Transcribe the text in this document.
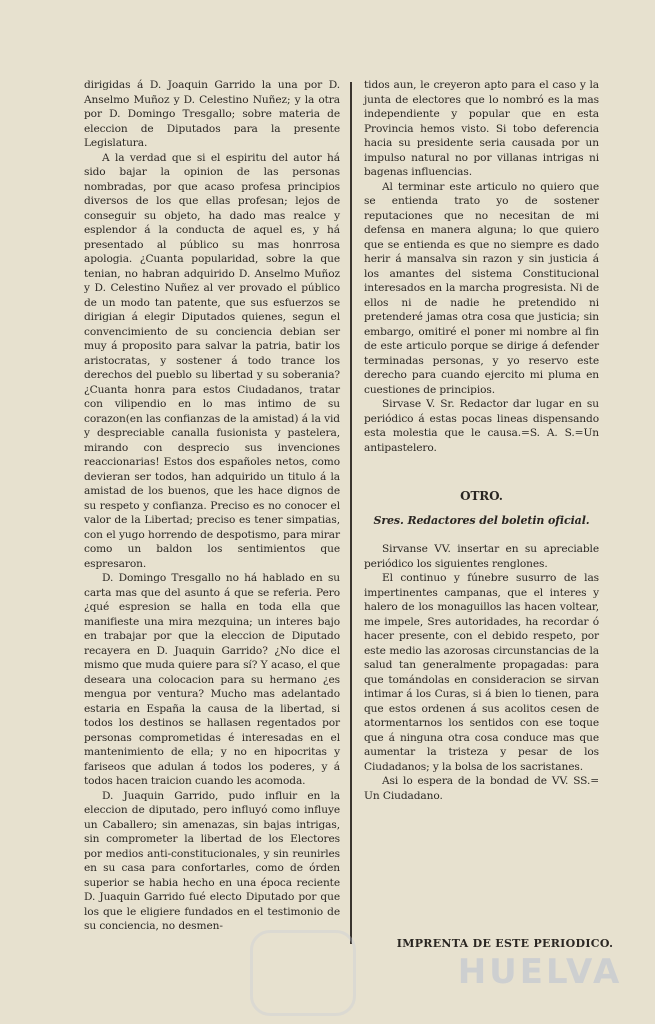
dirigidas á D. Joaquin Garrido la una por D. Anselmo Muñoz y D. Celestino Nuñez; y la otra por D. Domingo Tresgallo; sobre materia de eleccion de Diputados para la presente Legislatura.

A la verdad que si el espiritu del autor há sido bajar la opinion de las personas nombradas, por que acaso profesa principios diversos de los que ellas profesan; lejos de conseguir su objeto, ha dado mas realce y esplendor á la conducta de aquel es, y há presentado al público su mas honrrosa apologia. ¿Cuanta popularidad, sobre la que tenian, no habran adquirido D. Anselmo Muñoz y D. Celestino Nuñez al ver provado el público de un modo tan patente, que sus esfuerzos se dirigian á elegir Diputados quienes, segun el convencimiento de su conciencia debian ser muy á proposito para salvar la patria, batir los aristocratas, y sostener á todo trance los derechos del pueblo su libertad y su soberania? ¿Cuanta honra para estos Ciudadanos, tratar con vilipendio en lo mas intimo de su corazon(en las confianzas de la amistad) á la vid y despreciable canalla fusionista y pastelera, mirando con desprecio sus invenciones reaccionarias! Estos dos españoles netos, como devieran ser todos, han adquirido un titulo á la amistad de los buenos, que les hace dignos de su respeto y confianza. Preciso es no conocer el valor de la Libertad; preciso es tener simpatias, con el yugo horrendo de despotismo, para mirar como un baldon los sentimientos que espresaron.

D. Domingo Tresgallo no há hablado en su carta mas que del asunto á que se referia. Pero ¿qué espresion se halla en toda ella que manifieste una mira mezquina; un interes bajo en trabajar por que la eleccion de Diputado recayera en D. Juaquin Garrido? ¿No dice el mismo que muda quiere para sí? Y acaso, el que deseara una colocacion para su hermano ¿es mengua por ventura? Mucho mas adelantado estaria en España la causa de la libertad, si todos los destinos se hallasen regentados por personas comprometidas é interesadas en el mantenimiento de ella; y no en hipocritas y fariseos que adulan á todos los poderes, y á todos hacen traicion cuando les acomoda.

D. Juaquin Garrido, pudo influir en la eleccion de diputado, pero influyó como influye un Caballero; sin amenazas, sin bajas intrigas, sin comprometer la libertad de los Electores por medios anti-constitucionales, y sin reunirles en su casa para confortarles, como de órden superior se habia hecho en una época reciente D. Juaquin Garrido fué electo Diputado por que los que le eligiere fundados en el testimonio de su conciencia, no desmen-

tidos aun, le creyeron apto para el caso y la junta de electores que lo nombró es la mas independiente y popular que en esta Provincia hemos visto. Si tobo deferencia hacia su presidente seria causada por un impulso natural no por villanas intrigas ni bagenas influencias.

Al terminar este articulo no quiero que se entienda trato yo de sostener reputaciones que no necesitan de mi defensa en manera alguna; lo que quiero que se entienda es que no siempre es dado herir á mansalva sin razon y sin justicia á los amantes del sistema Constitucional interesados en la marcha progresista. Ni de ellos ni de nadie he pretendido ni pretenderé jamas otra cosa que justicia; sin embargo, omitiré el poner mi nombre al fin de este articulo porque se dirige á defender terminadas personas, y yo reservo este derecho para cuando ejercito mi pluma en cuestiones de principios.

Sirvase V. Sr. Redactor dar lugar en su periódico á estas pocas lineas dispensando esta molestia que le causa.=S. A. S.=Un antipastelero.

OTRO.
Sres. Redactores del boletin oficial.

Sirvanse VV. insertar en su apreciable periódico los siguientes renglones.

El continuo y fúnebre susurro de las impertinentes campanas, que el interes y halero de los monaguillos las hacen voltear, me impele, Sres autoridades, ha recordar ó hacer presente, con el debido respeto, por este medio las azorosas circunstancias de la salud tan generalmente propagadas: para que tomándolas en consideracion se sirvan intimar á los Curas, si á bien lo tienen, para que estos ordenen á sus acolitos cesen de atormentarnos los sentidos con ese toque que á ninguna otra cosa conduce mas que aumentar la tristeza y pesar de los Ciudadanos; y la bolsa de los sacristanes.

Asi lo espera de la bondad de VV. SS.= Un Ciudadano.

HUELVA
IMPRENTA DE ESTE PERIODICO.
